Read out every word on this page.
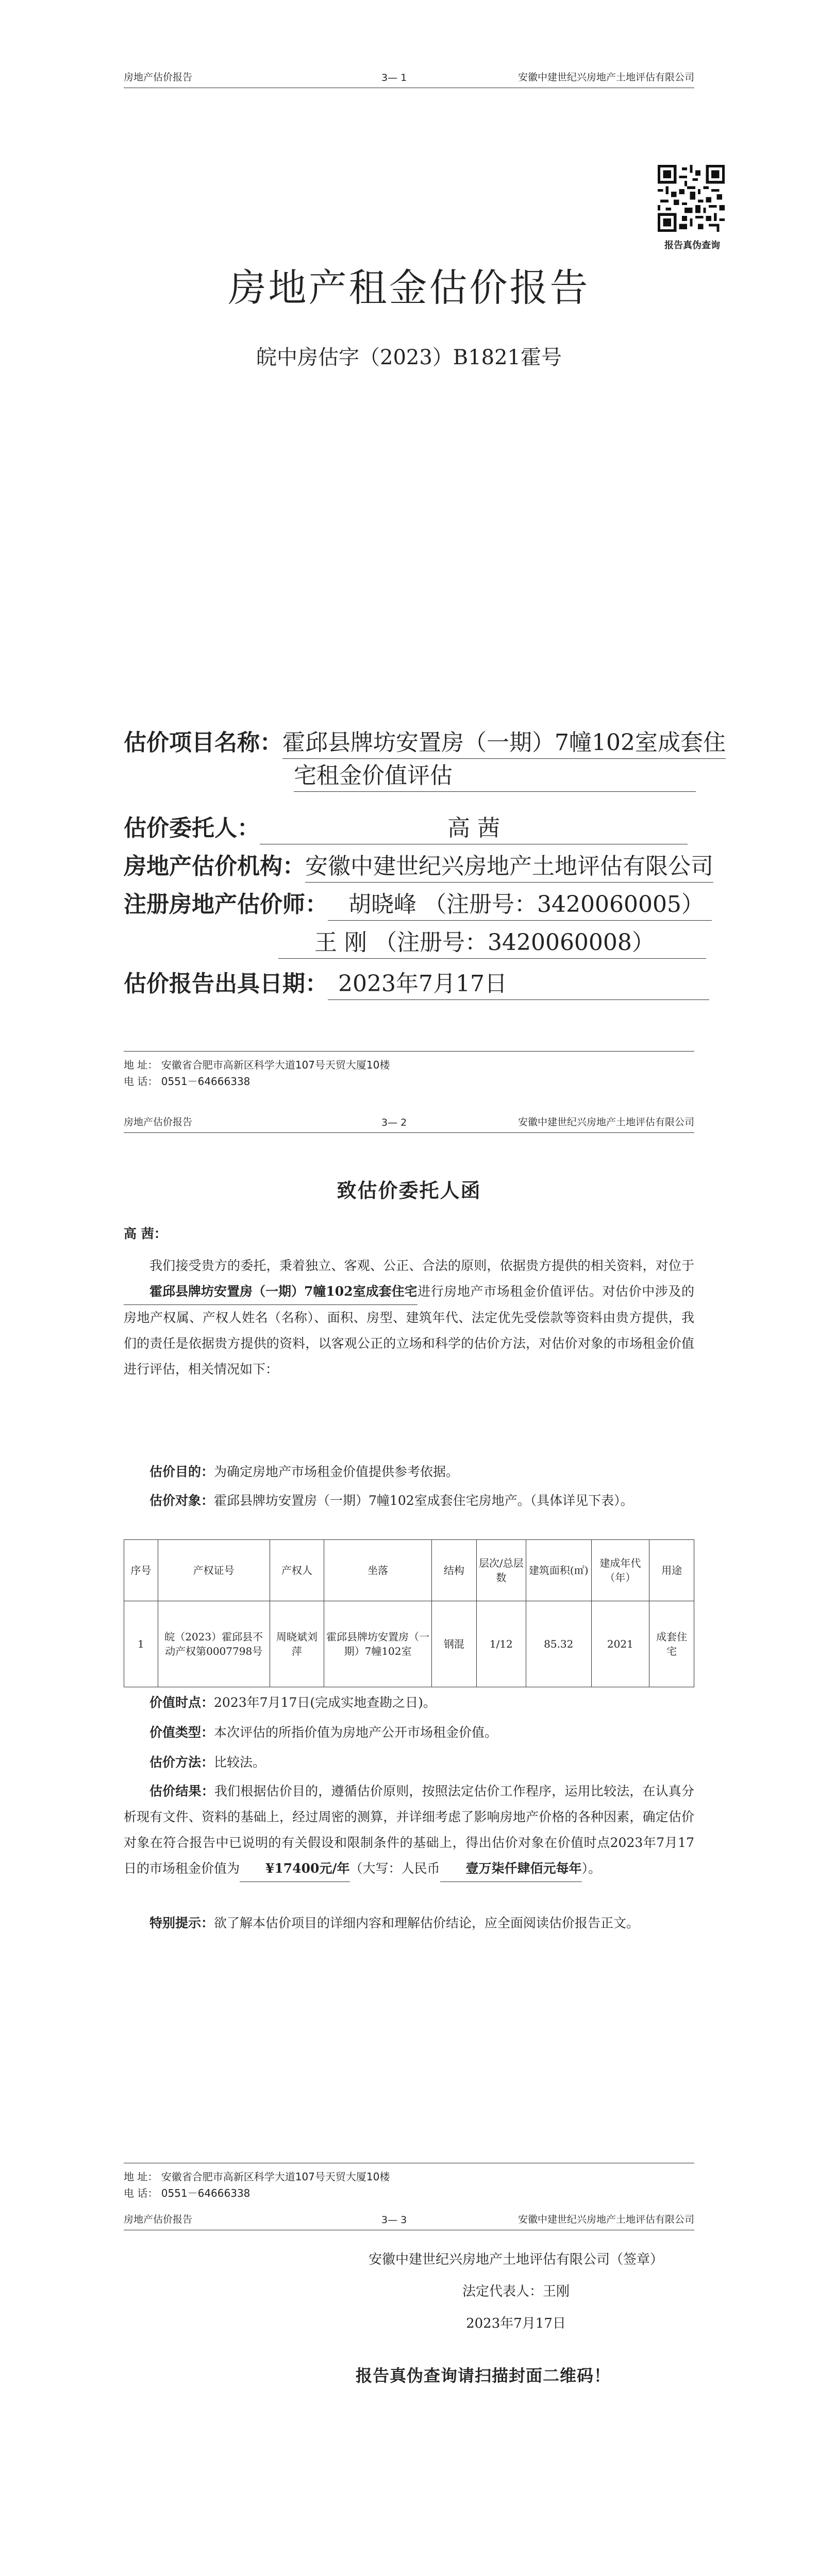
房地产估价报告	3— 1	安徽中建世纪兴房地产土地评估有限公司
报告真伪查询
房地产租金估价报告
皖中房估字（2023）B1821霍号
估价项目名称：霍邱县牌坊安置房（一期）7幢102室成套住
宅租金价值评估
估价委托人：	高 茜
房地产估价机构：安徽中建世纪兴房地产土地评估有限公司
注册房地产估价师： 胡晓峰 （注册号：3420060005）
王 刚 （注册号：3420060008）
估价报告出具日期： 2023年7月17日
地 址： 安徽省合肥市高新区科学大道107号天贸大厦10楼
电 话： 0551－64666338
房地产估价报告	3— 2	安徽中建世纪兴房地产土地评估有限公司
致估价委托人函
高 茜：
我们接受贵方的委托，秉着独立、客观、公正、合法的原则，依据贵方提供的相关资料，对位于霍邱县牌坊安置房（一期）7幢102室成套住宅进行房地产市场租金价值评估。对估价中涉及的房地产权属、产权人姓名（名称）、面积、房型、建筑年代、法定优先受偿款等资料由贵方提供，我们的责任是依据贵方提供的资料，以客观公正的立场和科学的估价方法，对估价对象的市场租金价值进行评估，相关情况如下：
估价目的：为确定房地产市场租金价值提供参考依据。
估价对象：霍邱县牌坊安置房（一期）7幢102室成套住宅房地产。（具体详见下表）。
序号	产权证号	产权人	坐落	结构	层次/总层数	建筑面积(㎡)	建成年代（年）	用途
1	皖（2023）霍邱县不动产权第0007798号	周晓斌刘萍	霍邱县牌坊安置房（一期）7幢102室	钢混	1/12	85.32	2021	成套住宅
价值时点：2023年7月17日(完成实地查勘之日)。
价值类型：本次评估的所指价值为房地产公开市场租金价值。
估价方法：比较法。
估价结果：我们根据估价目的，遵循估价原则，按照法定估价工作程序，运用比较法，在认真分析现有文件、资料的基础上，经过周密的测算，并详细考虑了影响房地产价格的各种因素，确定估价对象在符合报告中已说明的有关假设和限制条件的基础上，得出估价对象在价值时点2023年7月17日的市场租金价值为 ¥17400元/年（大写：人民币 壹万柒仟肆佰元每年）。
特别提示：欲了解本估价项目的详细内容和理解估价结论，应全面阅读估价报告正文。
地 址： 安徽省合肥市高新区科学大道107号天贸大厦10楼
电 话： 0551－64666338
房地产估价报告	3— 3	安徽中建世纪兴房地产土地评估有限公司
安徽中建世纪兴房地产土地评估有限公司（签章）
法定代表人：王刚
2023年7月17日
报告真伪查询请扫描封面二维码！
